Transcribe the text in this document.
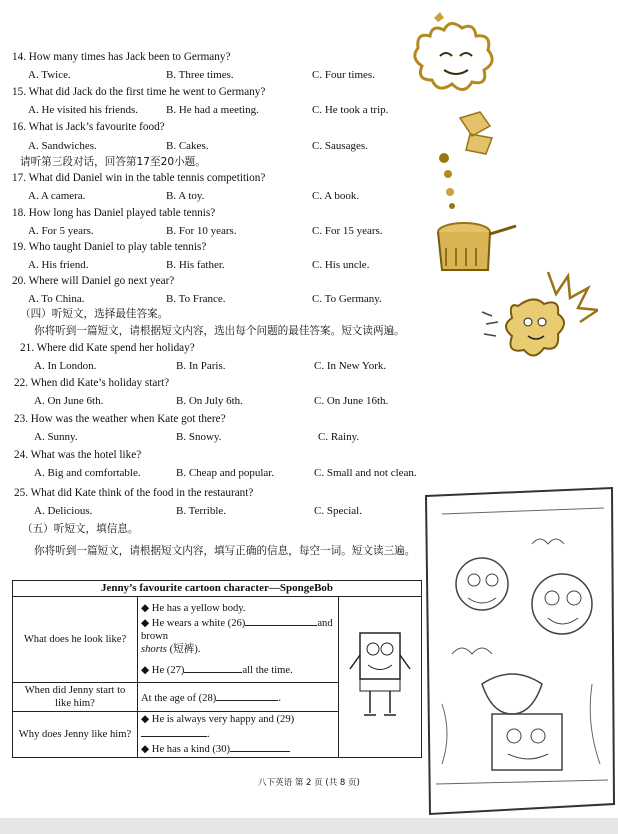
14. How many times has Jack been to Germany?
A. Twice.	B. Three times.	C. Four times.
15. What did Jack do the first time he went to Germany?
A. He visited his friends.	B. He had a meeting.	C. He took a trip.
16. What is Jack’s favourite food?
A. Sandwiches.	B. Cakes.	C. Sausages.
请听第三段对话，回答第17至20小题。
17. What did Daniel win in the table tennis competition?
A. A camera.	B. A toy.	C. A book.
18. How long has Daniel played table tennis?
A. For 5 years.	B. For 10 years.	C. For 15 years.
19. Who taught Daniel to play table tennis?
A. His friend.	B. His father.	C. His uncle.
20. Where will Daniel go next year?
A. To China.	B. To France.	C. To Germany.
（四）听短文，选择最佳答案。
你将听到一篇短文，请根据短文内容，选出每个问题的最佳答案。短文读两遍。
21. Where did Kate spend her holiday?
A. In London.	B. In Paris.	C. In New York.
22. When did Kate’s holiday start?
A. On June 6th.	B. On July 6th.	C. On June 16th.
23. How was the weather when Kate got there?
A. Sunny.	B. Snowy.	C. Rainy.
24. What was the hotel like?
A. Big and comfortable.	B. Cheap and popular.	C. Small and not clean.
25. What did Kate think of the food in the restaurant?
A. Delicious.	B. Terrible.	C. Special.
（五）听短文，填信息。
你将听到一篇短文，请根据短文内容，填写正确的信息，每空一词。短文读三遍。
Jenny’s favourite cartoon character—SpongeBob		
What does he look like?	◆ He has a yellow body.
◆ He wears a white (26) and brown
shorts (短裤).
◆ He (27) all the time.

When did Jenny start to like him?	At the age of (28) .	
Why does Jenny like him?	◆ He is always very happy and (29).
◆ He has a kind (30)	
八下英语 第 2 页 (共 8 页)
